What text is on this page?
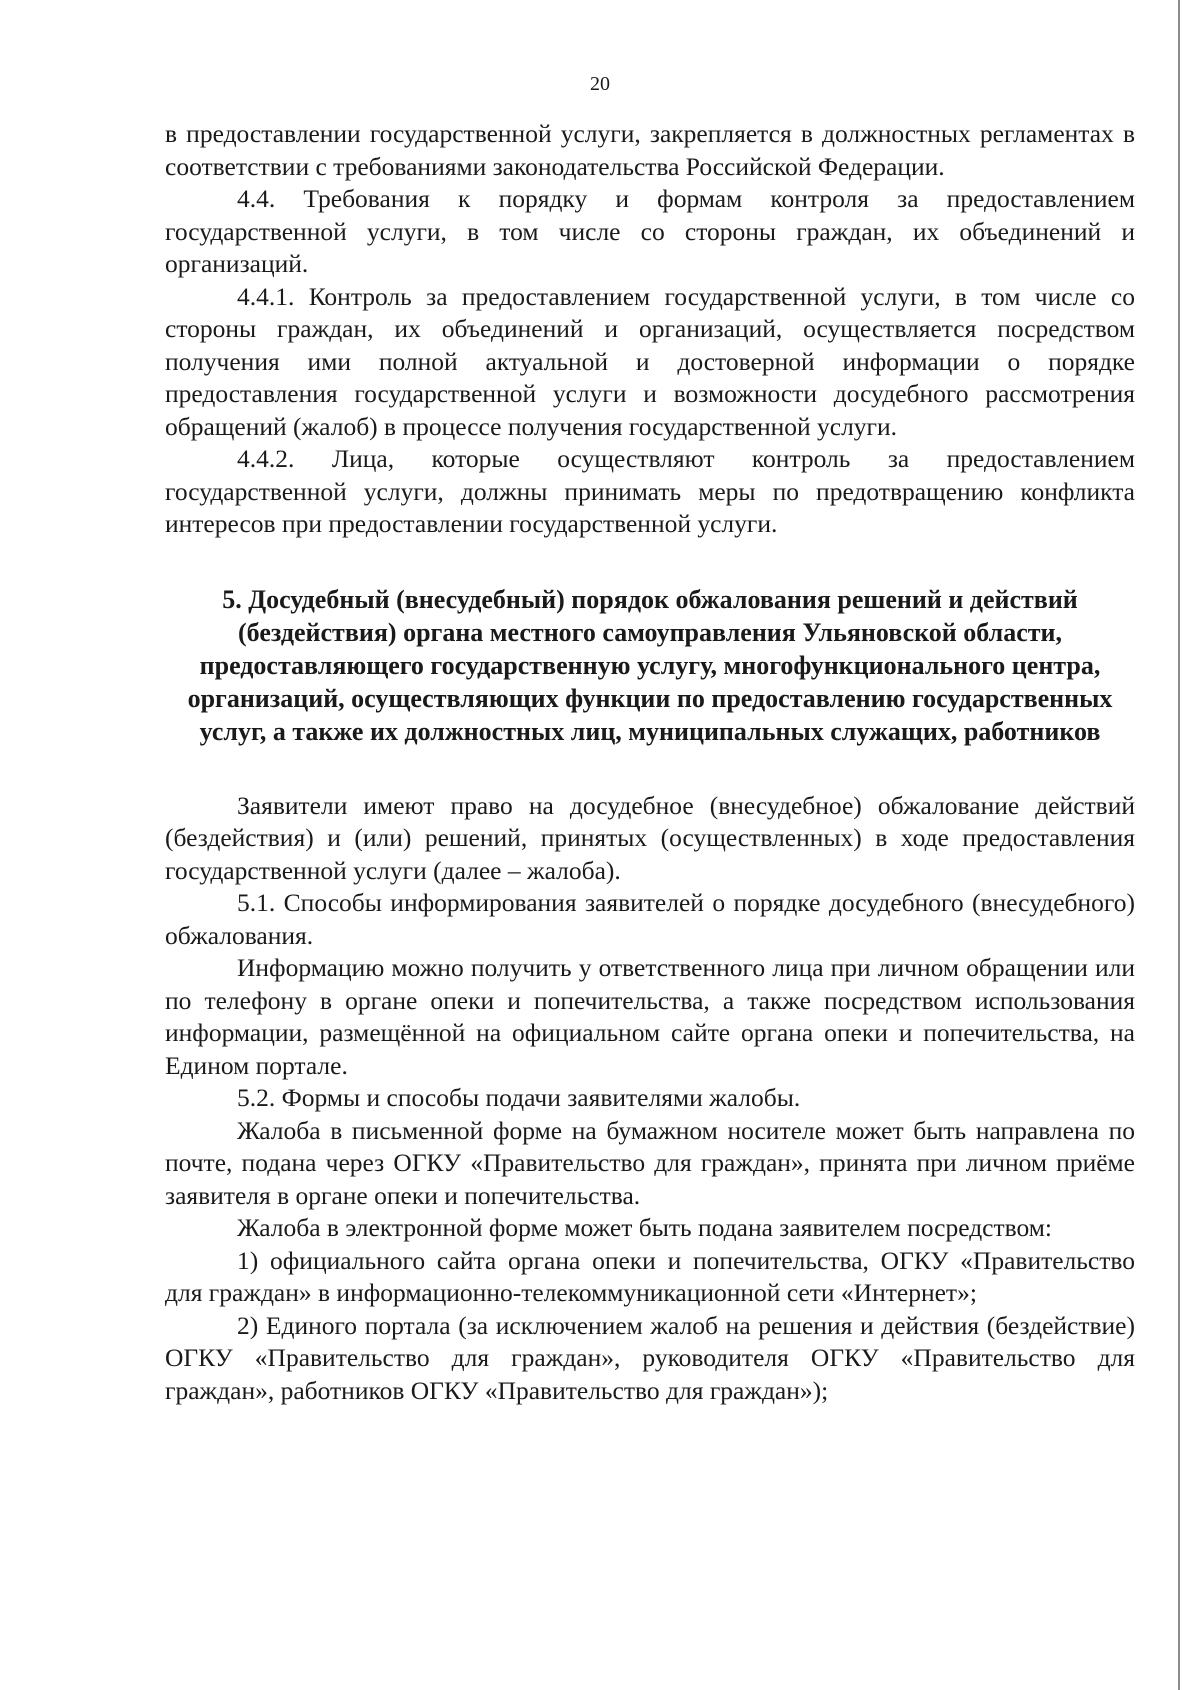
20

в предоставлении государственной услуги, закрепляется в должностных регламентах в соответствии с требованиями законодательства Российской Федерации.

4.4. Требования к порядку и формам контроля за предоставлением государственной услуги, в том числе со стороны граждан, их объединений и организаций.

4.4.1. Контроль за предоставлением государственной услуги, в том числе со стороны граждан, их объединений и организаций, осуществляется посредством получения ими полной актуальной и достоверной информации о порядке предоставления государственной услуги и возможности досудебного рассмотрения обращений (жалоб) в процессе получения государственной услуги.

4.4.2. Лица, которые осуществляют контроль за предоставлением государственной услуги, должны принимать меры по предотвращению конфликта интересов при предоставлении государственной услуги.

5. Досудебный (внесудебный) порядок обжалования решений и действий (бездействия) органа местного самоуправления Ульяновской области, предоставляющего государственную услугу, многофункционального центра, организаций, осуществляющих функции по предоставлению государственных услуг, а также их должностных лиц, муниципальных служащих, работников

Заявители имеют право на досудебное (внесудебное) обжалование действий (бездействия) и (или) решений, принятых (осуществленных) в ходе предоставления государственной услуги (далее – жалоба).

5.1. Способы информирования заявителей о порядке досудебного (внесудебного) обжалования.

Информацию можно получить у ответственного лица при личном обращении или по телефону в органе опеки и попечительства, а также посредством использования информации, размещённой на официальном сайте органа опеки и попечительства, на Едином портале.

5.2. Формы и способы подачи заявителями жалобы.

Жалоба в письменной форме на бумажном носителе может быть направлена по почте, подана через ОГКУ «Правительство для граждан», принята при личном приёме заявителя в органе опеки и попечительства.

Жалоба в электронной форме может быть подана заявителем посредством:

1) официального сайта органа опеки и попечительства, ОГКУ «Правительство для граждан» в информационно-телекоммуникационной сети «Интернет»;

2) Единого портала (за исключением жалоб на решения и действия (бездействие) ОГКУ «Правительство для граждан», руководителя ОГКУ «Правительство для граждан», работников ОГКУ «Правительство для граждан»);
